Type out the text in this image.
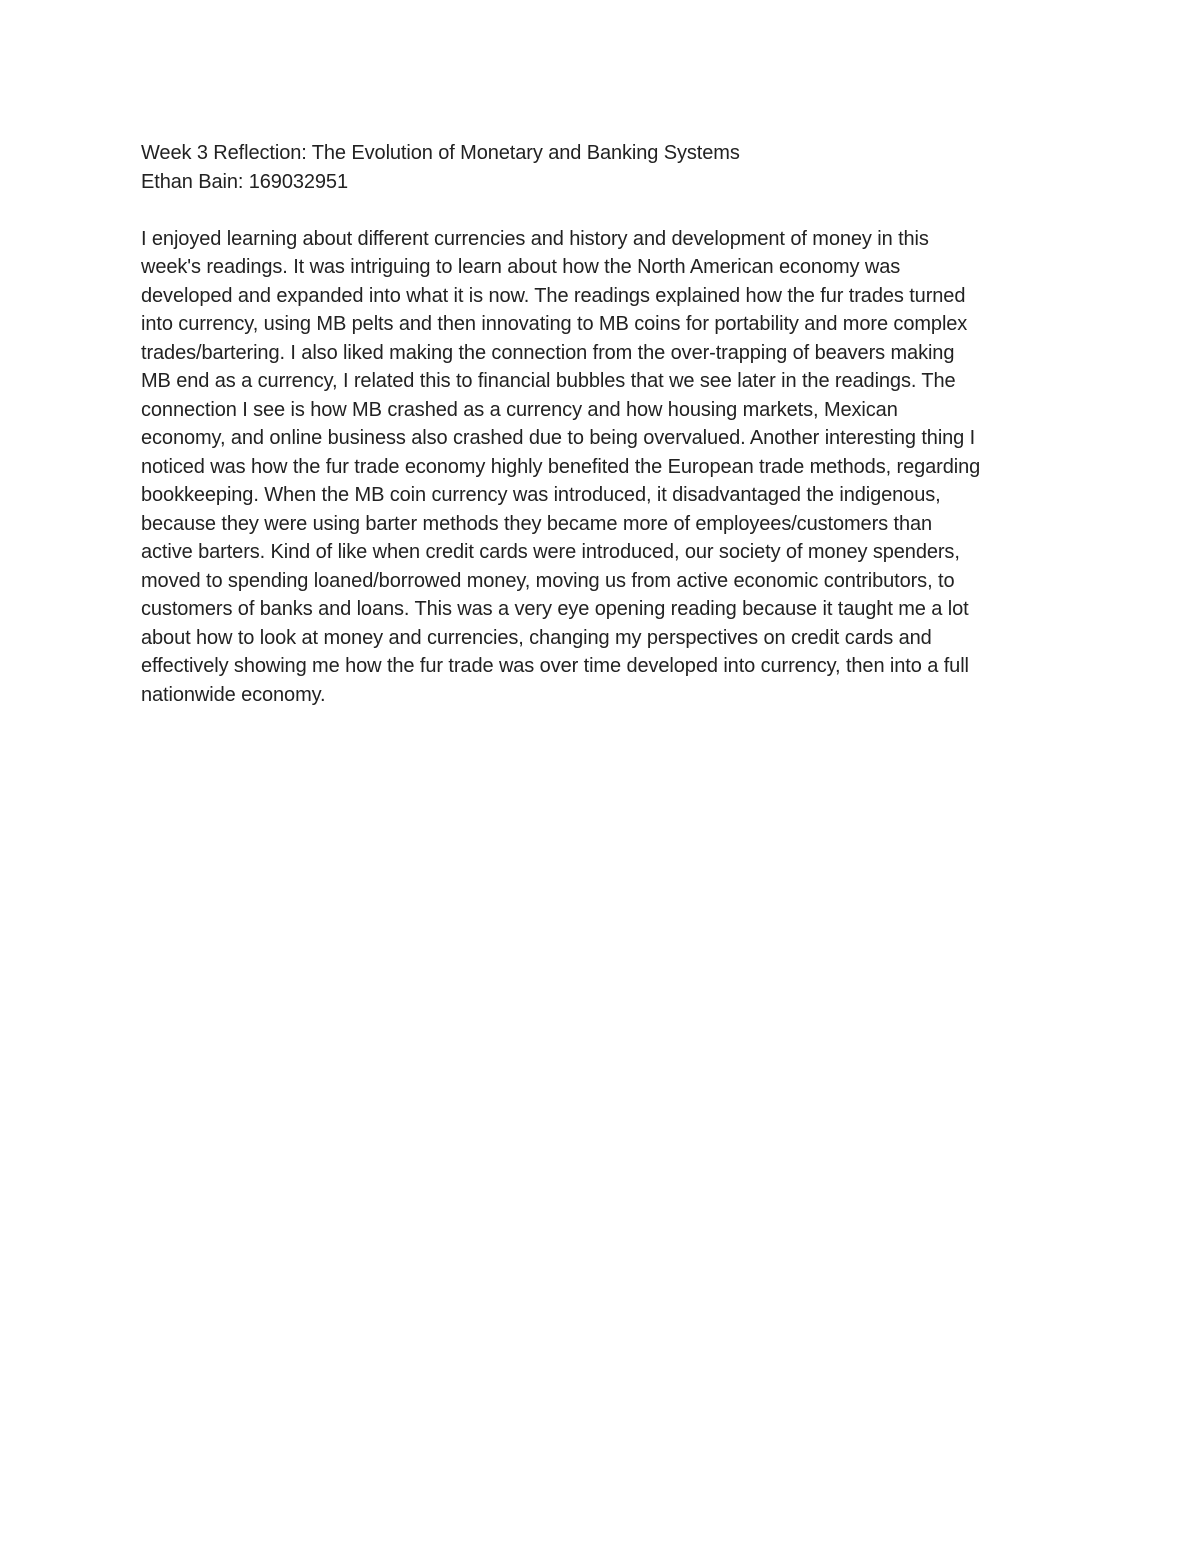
Week 3 Reflection: The Evolution of Monetary and Banking Systems
Ethan Bain: 169032951
I enjoyed learning about different currencies and history and development of money in this
week's readings. It was intriguing to learn about how the North American economy was
developed and expanded into what it is now. The readings explained how the fur trades turned
into currency, using MB pelts and then innovating to MB coins for portability and more complex
trades/bartering. I also liked making the connection from the over-trapping of beavers making
MB end as a currency, I related this to financial bubbles that we see later in the readings. The
connection I see is how MB crashed as a currency and how housing markets, Mexican
economy, and online business also crashed due to being overvalued. Another interesting thing I
noticed was how the fur trade economy highly benefited the European trade methods, regarding
bookkeeping. When the MB coin currency was introduced, it disadvantaged the indigenous,
because they were using barter methods they became more of employees/customers than
active barters. Kind of like when credit cards were introduced, our society of money spenders,
moved to spending loaned/borrowed money, moving us from active economic contributors, to
customers of banks and loans. This was a very eye opening reading because it taught me a lot
about how to look at money and currencies, changing my perspectives on credit cards and
effectively showing me how the fur trade was over time developed into currency, then into a full
nationwide economy.
